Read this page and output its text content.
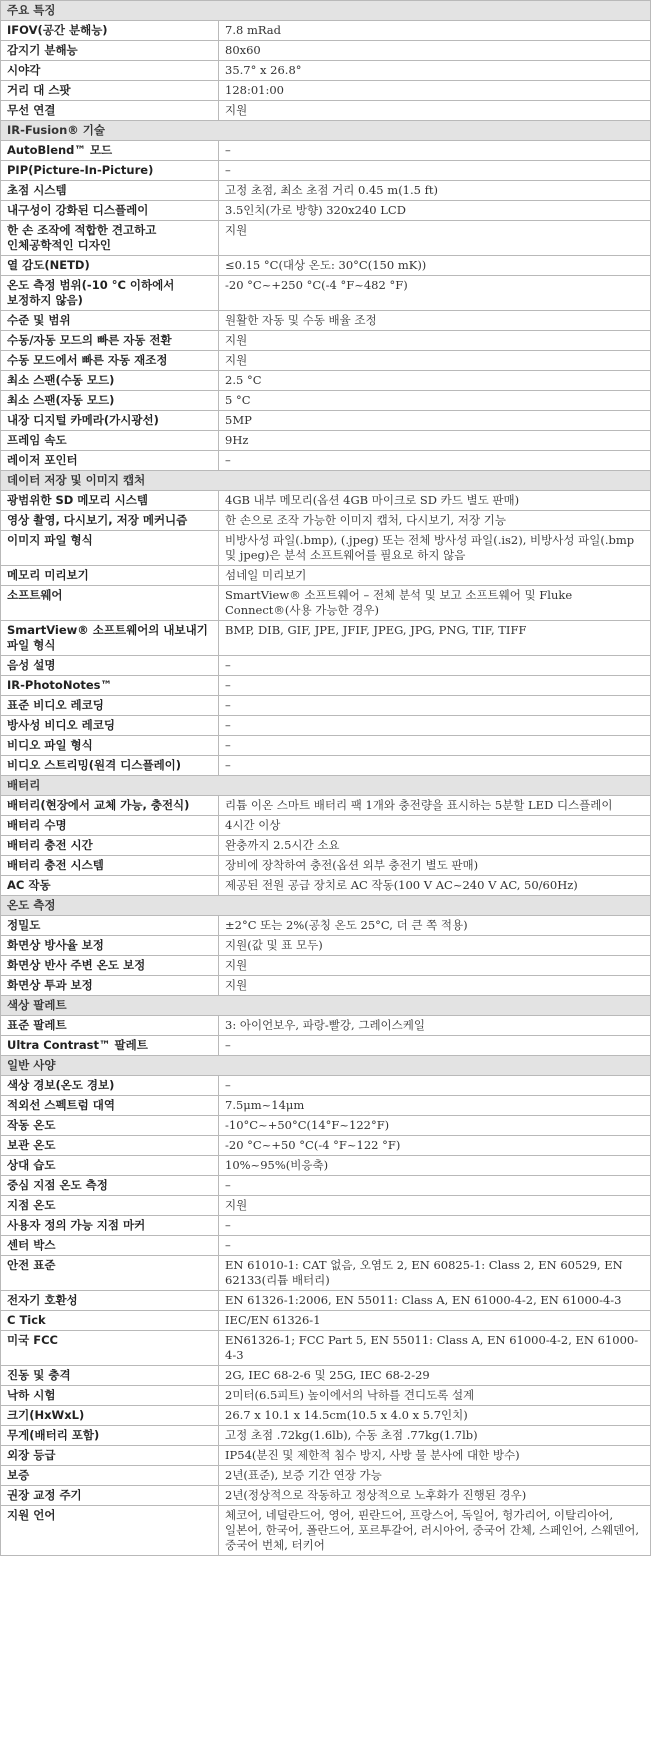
주요 특징	
IFOV(공간 분해능)	7.8 mRad
감지기 분해능	80x60
시야각	35.7° x 26.8°
거리 대 스팟	128:01:00
무선 연결	지원
IR-Fusion® 기술	
AutoBlend™ 모드	–
PIP(Picture-In-Picture)	–
초점 시스템	고정 초점, 최소 초점 거리 0.45 m(1.5 ft)
내구성이 강화된 디스플레이	3.5인치(가로 방향) 320x240 LCD
한 손 조작에 적합한 견고하고 인체공학적인 디자인	지원
열 감도(NETD)	≤0.15 °C(대상 온도: 30°C(150 mK))
온도 측정 범위(-10 °C 이하에서 보정하지 않음)	-20 °C~+250 °C(-4 °F~482 °F)
수준 및 범위	원활한 자동 및 수동 배율 조정
수동/자동 모드의 빠른 자동 전환	지원
수동 모드에서 빠른 자동 재조정	지원
최소 스팬(수동 모드)	2.5 °C
최소 스팬(자동 모드)	5 °C
내장 디지털 카메라(가시광선)	5MP
프레임 속도	9Hz
레이저 포인터	–
데이터 저장 및 이미지 캡처	
광범위한 SD 메모리 시스템	4GB 내부 메모리(옵션 4GB 마이크로 SD 카드 별도 판매)
영상 촬영, 다시보기, 저장 메커니즘	한 손으로 조작 가능한 이미지 캡처, 다시보기, 저장 기능
이미지 파일 형식	비방사성 파일(.bmp), (.jpeg) 또는 전체 방사성 파일(.is2), 비방사성 파일(.bmp 및 jpeg)은 분석 소프트웨어를 필요로 하지 않음
메모리 미리보기	섬네일 미리보기
소프트웨어	SmartView® 소프트웨어 – 전체 분석 및 보고 소프트웨어 및 Fluke Connect®(사용 가능한 경우)
SmartView® 소프트웨어의 내보내기 파일 형식	BMP, DIB, GIF, JPE, JFIF, JPEG, JPG, PNG, TIF, TIFF
음성 설명	–
IR-PhotoNotes™	–
표준 비디오 레코딩	–
방사성 비디오 레코딩	–
비디오 파일 형식	–
비디오 스트리밍(원격 디스플레이)	–
배터리	
배터리(현장에서 교체 가능, 충전식)	리튬 이온 스마트 배터리 팩 1개와 충전량을 표시하는 5분할 LED 디스플레이
배터리 수명	4시간 이상
배터리 충전 시간	완충까지 2.5시간 소요
배터리 충전 시스템	장비에 장착하여 충전(옵션 외부 충전기 별도 판매)
AC 작동	제공된 전원 공급 장치로 AC 작동(100 V AC~240 V AC, 50/60Hz)
온도 측정	
정밀도	±2°C 또는 2%(공칭 온도 25°C, 더 큰 쪽 적용)
화면상 방사율 보정	지원(값 및 표 모두)
화면상 반사 주변 온도 보정	지원
화면상 투과 보정	지원
색상 팔레트	
표준 팔레트	3: 아이언보우, 파랑-빨강, 그레이스케일
Ultra Contrast™ 팔레트	–
일반 사양	
색상 경보(온도 경보)	–
적외선 스펙트럼 대역	7.5μm~14μm
작동 온도	-10°C~+50°C(14°F~122°F)
보관 온도	-20 °C~+50 °C(-4 °F~122 °F)
상대 습도	10%~95%(비응축)
중심 지점 온도 측정	–
지점 온도	지원
사용자 정의 가능 지점 마커	–
센터 박스	–
안전 표준	EN 61010-1: CAT 없음, 오염도 2, EN 60825-1: Class 2, EN 60529, EN 62133(리튬 배터리)
전자기 호환성	EN 61326-1:2006, EN 55011: Class A, EN 61000-4-2, EN 61000-4-3
C Tick	IEC/EN 61326-1
미국 FCC	EN61326-1; FCC Part 5, EN 55011: Class A, EN 61000-4-2, EN 61000-4-3
진동 및 충격	2G, IEC 68-2-6 및 25G, IEC 68-2-29
낙하 시험	2미터(6.5피트) 높이에서의 낙하를 견디도록 설계
크기(HxWxL)	26.7 x 10.1 x 14.5cm(10.5 x 4.0 x 5.7인치)
무게(배터리 포함)	고정 초점 .72kg(1.6lb), 수동 초점 .77kg(1.7lb)
외장 등급	IP54(분진 및 제한적 침수 방지, 사방 물 분사에 대한 방수)
보증	2년(표준), 보증 기간 연장 가능
권장 교정 주기	2년(정상적으로 작동하고 정상적으로 노후화가 진행된 경우)
지원 언어	체코어, 네덜란드어, 영어, 핀란드어, 프랑스어, 독일어, 헝가리어, 이탈리아어, 일본어, 한국어, 폴란드어, 포르투갈어, 러시아어, 중국어 간체, 스페인어, 스웨덴어, 중국어 번체, 터키어
